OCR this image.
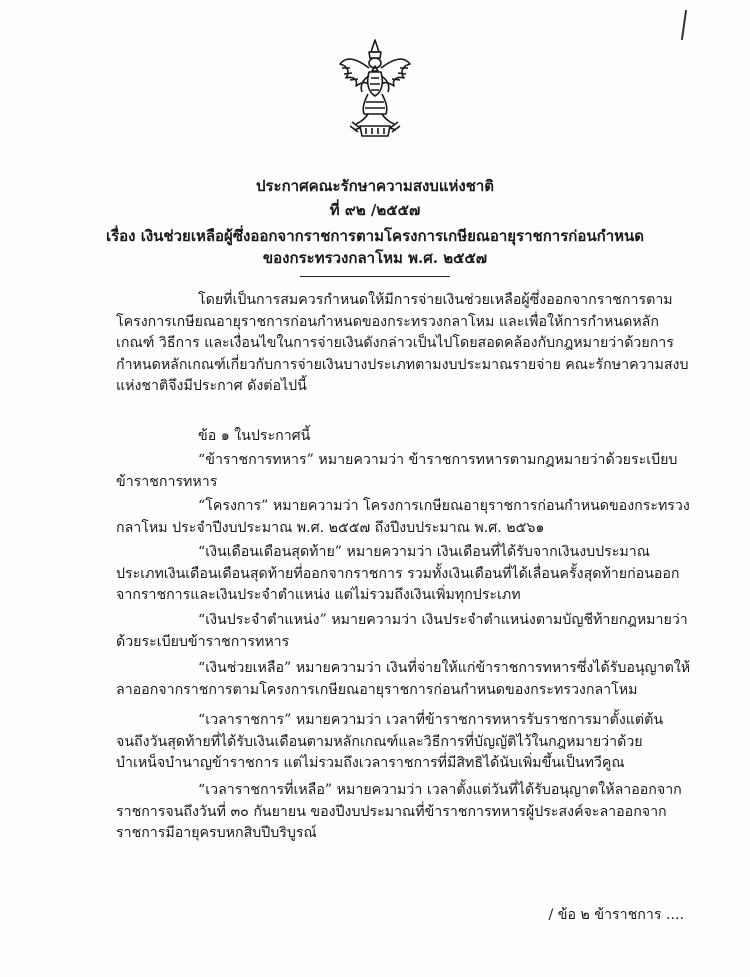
ประกาศคณะรักษาความสงบแห่งชาติ
ที่ ๙๒ /๒๕๕๗
เรื่อง เงินช่วยเหลือผู้ซึ่งออกจากราชการตามโครงการเกษียณอายุราชการก่อนกำหนด
ของกระทรวงกลาโหม พ.ศ. ๒๕๕๗
โดยที่เป็นการสมควรกำหนดให้มีการจ่ายเงินช่วยเหลือผู้ซึ่งออกจากราชการตามโครงการเกษียณอายุราชการก่อนกำหนดของกระทรวงกลาโหม และเพื่อให้การกำหนดหลักเกณฑ์ วิธีการ และเงื่อนไขในการจ่ายเงินดังกล่าวเป็นไปโดยสอดคล้องกับกฎหมายว่าด้วยการกำหนดหลักเกณฑ์เกี่ยวกับการจ่ายเงินบางประเภทตามงบประมาณรายจ่าย คณะรักษาความสงบแห่งชาติจึงมีประกาศ ดังต่อไปนี้
ข้อ ๑ ในประกาศนี้
“ข้าราชการทหาร” หมายความว่า ข้าราชการทหารตามกฎหมายว่าด้วยระเบียบข้าราชการทหาร
“โครงการ” หมายความว่า โครงการเกษียณอายุราชการก่อนกำหนดของกระทรวงกลาโหม ประจำปีงบประมาณ พ.ศ. ๒๕๕๗ ถึงปีงบประมาณ พ.ศ. ๒๕๖๑
“เงินเดือนเดือนสุดท้าย” หมายความว่า เงินเดือนที่ได้รับจากเงินงบประมาณประเภทเงินเดือนเดือนสุดท้ายที่ออกจากราชการ รวมทั้งเงินเดือนที่ได้เลื่อนครั้งสุดท้ายก่อนออกจากราชการและเงินประจำตำแหน่ง แต่ไม่รวมถึงเงินเพิ่มทุกประเภท
“เงินประจำตำแหน่ง” หมายความว่า เงินประจำตำแหน่งตามบัญชีท้ายกฎหมายว่าด้วยระเบียบข้าราชการทหาร
“เงินช่วยเหลือ” หมายความว่า เงินที่จ่ายให้แก่ข้าราชการทหารซึ่งได้รับอนุญาตให้ลาออกจากราชการตามโครงการเกษียณอายุราชการก่อนกำหนดของกระทรวงกลาโหม
“เวลาราชการ” หมายความว่า เวลาที่ข้าราชการทหารรับราชการมาตั้งแต่ต้นจนถึงวันสุดท้ายที่ได้รับเงินเดือนตามหลักเกณฑ์และวิธีการที่บัญญัติไว้ในกฎหมายว่าด้วยบำเหน็จบำนาญข้าราชการ แต่ไม่รวมถึงเวลาราชการที่มีสิทธิได้นับเพิ่มขึ้นเป็นทวีคูณ
“เวลาราชการที่เหลือ” หมายความว่า เวลาตั้งแต่วันที่ได้รับอนุญาตให้ลาออกจากราชการจนถึงวันที่ ๓๐ กันยายน ของปีงบประมาณที่ข้าราชการทหารผู้ประสงค์จะลาออกจากราชการมีอายุครบหกสิบปีบริบูรณ์
/ ข้อ ๒ ข้าราชการ ....
